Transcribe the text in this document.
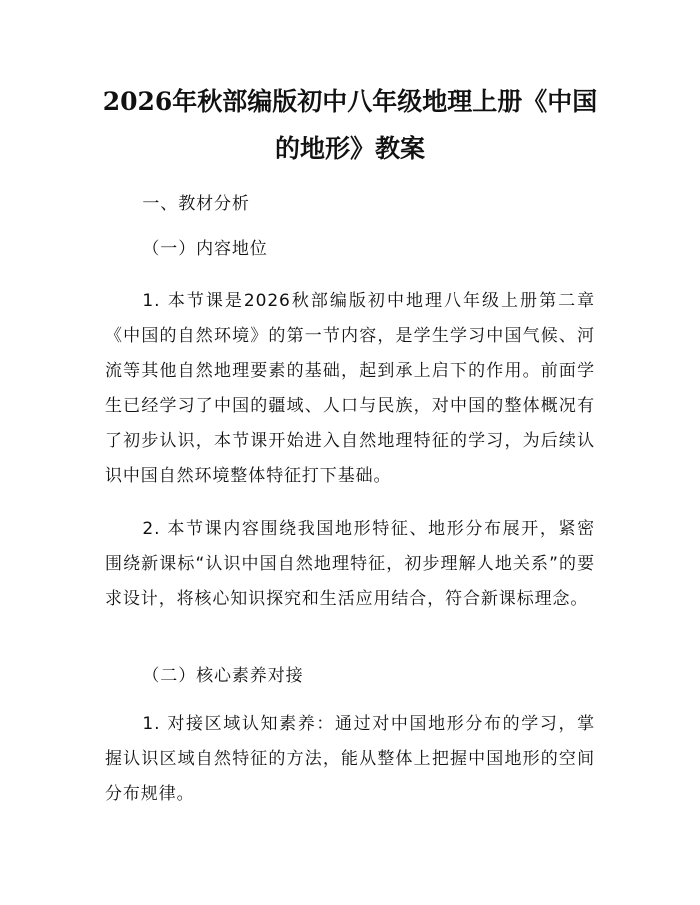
2026年秋部编版初中八年级地理上册《中国
的地形》教案

一、教材分析

（一）内容地位

1. 本节课是2026秋部编版初中地理八年级上册第二章《中国的自然环境》的第一节内容，是学生学习中国气候、河流等其他自然地理要素的基础，起到承上启下的作用。前面学生已经学习了中国的疆域、人口与民族，对中国的整体概况有了初步认识，本节课开始进入自然地理特征的学习，为后续认识中国自然环境整体特征打下基础。

2. 本节课内容围绕我国地形特征、地形分布展开，紧密围绕新课标“认识中国自然地理特征，初步理解人地关系”的要求设计，将核心知识探究和生活应用结合，符合新课标理念。

（二）核心素养对接

1. 对接区域认知素养：通过对中国地形分布的学习，掌握认识区域自然特征的方法，能从整体上把握中国地形的空间分布规律。
